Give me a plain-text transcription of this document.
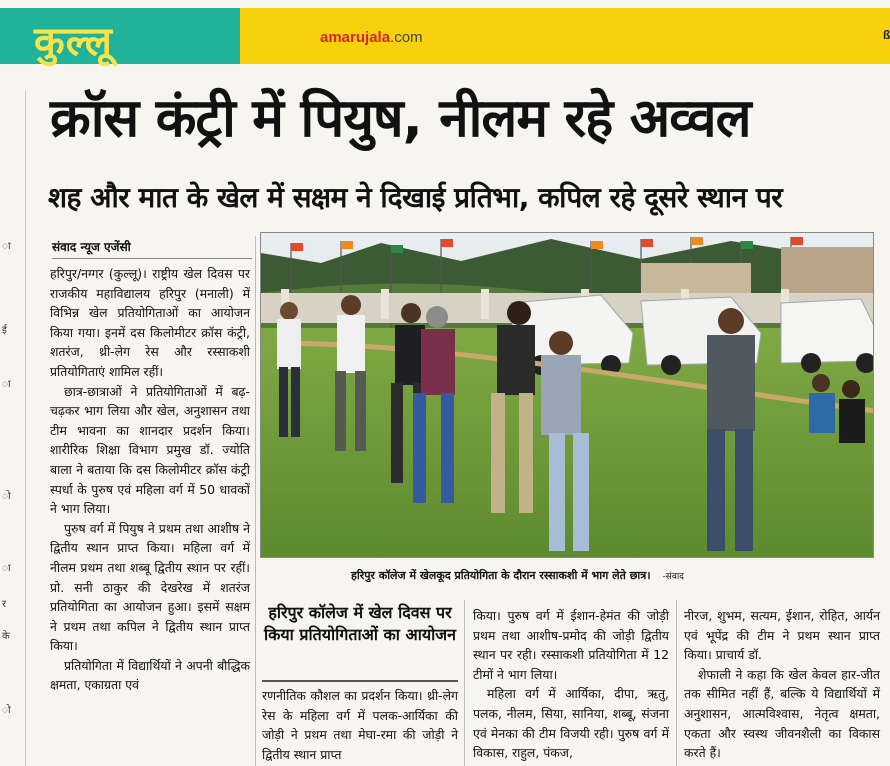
कुल्लू	amarujala.com	ß
ा
ई
ा
ो
ा
र
के
ो
क्रॉस कंट्री में पियुष, नीलम रहे अव्वल
शह और मात के खेल में सक्षम ने दिखाई प्रतिभा, कपिल रहे दूसरे स्थान पर
संवाद न्यूज एजेंसी

हरिपुर/नग्गर (कुल्लू)। राष्ट्रीय खेल दिवस पर राजकीय महाविद्यालय हरिपुर (मनाली) में विभिन्न खेल प्रतियोगिताओं का आयोजन किया गया। इनमें दस किलोमीटर क्रॉस कंट्री, शतरंज, थ्री-लेग रेस और रस्साकशी प्रतियोगिताएं शामिल रहीं।

छात्र-छात्राओं ने प्रतियोगिताओं में बढ़-चढ़कर भाग लिया और खेल, अनुशासन तथा टीम भावना का शानदार प्रदर्शन किया। शारीरिक शिक्षा विभाग प्रमुख डॉ. ज्योति बाला ने बताया कि दस किलोमीटर क्रॉस कंट्री स्पर्धा के पुरुष एवं महिला वर्ग में 50 धावकों ने भाग लिया।

पुरुष वर्ग में पियुष ने प्रथम तथा आशीष ने द्वितीय स्थान प्राप्त किया। महिला वर्ग में नीलम प्रथम तथा शब्बू द्वितीय स्थान पर रहीं। प्रो. सनी ठाकुर की देखरेख में शतरंज प्रतियोगिता का आयोजन हुआ। इसमें सक्षम ने प्रथम तथा कपिल ने द्वितीय स्थान प्राप्त किया।

प्रतियोगिता में विद्यार्थियों ने अपनी बौद्धिक क्षमता, एकाग्रता एवं

हरिपुर कॉलेज में खेलकूद प्रतियोगिता के दौरान रस्साकशी में भाग लेते छात्र। -संवाद
हरिपुर कॉलेज में खेल दिवस पर किया प्रतियोगिताओं का आयोजन

रणनीतिक कौशल का प्रदर्शन किया। थ्री-लेग रेस के महिला वर्ग में पलक-आर्यिका की जोड़ी ने प्रथम तथा मेघा-रमा की जोड़ी ने द्वितीय स्थान प्राप्त

किया। पुरुष वर्ग में ईशान-हेमंत की जोड़ी प्रथम तथा आशीष-प्रमोद की जोड़ी द्वितीय स्थान पर रही। रस्साकशी प्रतियोगिता में 12 टीमों ने भाग लिया।

महिला वर्ग में आर्यिका, दीपा, ऋतु, पलक, नीलम, सिया, सानिया, शब्बू, संजना एवं मेनका की टीम विजयी रही। पुरुष वर्ग में विकास, राहुल, पंकज,

नीरज, शुभम, सत्यम, ईशान, रोहित, आर्यन एवं भूपेंद्र की टीम ने प्रथम स्थान प्राप्त किया। प्राचार्य डॉ.

शेफाली ने कहा कि खेल केवल हार-जीत तक सीमित नहीं हैं, बल्कि ये विद्यार्थियों में अनुशासन, आत्मविश्वास, नेतृत्व क्षमता, एकता और स्वस्थ जीवनशैली का विकास करते हैं।
